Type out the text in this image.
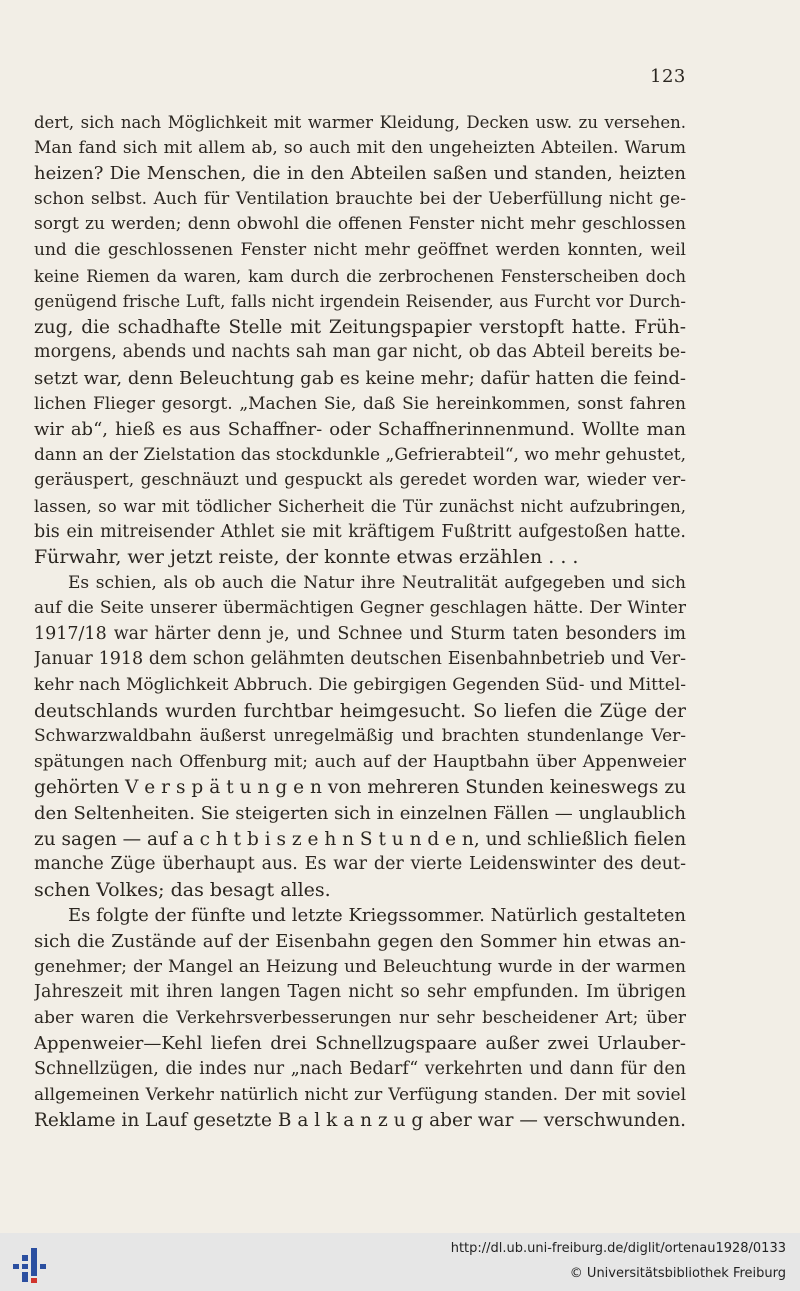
123
dert, sich nach Möglichkeit mit warmer Kleidung, Decken usw. zu versehen.
Man fand sich mit allem ab, so auch mit den ungeheizten Abteilen. Warum
heizen? Die Menschen, die in den Abteilen saßen und standen, heizten
schon selbst. Auch für Ventilation brauchte bei der Ueberfüllung nicht ge-
sorgt zu werden; denn obwohl die offenen Fenster nicht mehr geschlossen
und die geschlossenen Fenster nicht mehr geöffnet werden konnten, weil
keine Riemen da waren, kam durch die zerbrochenen Fensterscheiben doch
genügend frische Luft, falls nicht irgendein Reisender, aus Furcht vor Durch-
zug, die schadhafte Stelle mit Zeitungspapier verstopft hatte. Früh-
morgens, abends und nachts sah man gar nicht, ob das Abteil bereits be-
setzt war, denn Beleuchtung gab es keine mehr; dafür hatten die feind-
lichen Flieger gesorgt. „Machen Sie, daß Sie hereinkommen, sonst fahren
wir ab“, hieß es aus Schaffner- oder Schaffnerinnenmund. Wollte man
dann an der Zielstation das stockdunkle „Gefrierabteil“, wo mehr gehustet,
geräuspert, geschnäuzt und gespuckt als geredet worden war, wieder ver-
lassen, so war mit tödlicher Sicherheit die Tür zunächst nicht aufzubringen,
bis ein mitreisender Athlet sie mit kräftigem Fußtritt aufgestoßen hatte.
Fürwahr, wer jetzt reiste, der konnte etwas erzählen . . .
Es schien, als ob auch die Natur ihre Neutralität aufgegeben und sich
auf die Seite unserer übermächtigen Gegner geschlagen hätte. Der Winter
1917/18 war härter denn je, und Schnee und Sturm taten besonders im
Januar 1918 dem schon gelähmten deutschen Eisenbahnbetrieb und Ver-
kehr nach Möglichkeit Abbruch. Die gebirgigen Gegenden Süd- und Mittel-
deutschlands wurden furchtbar heimgesucht. So liefen die Züge der
Schwarzwaldbahn äußerst unregelmäßig und brachten stundenlange Ver-
spätungen nach Offenburg mit; auch auf der Hauptbahn über Appenweier
gehörten V e r s p ä t u n g e n von mehreren Stunden keineswegs zu
den Seltenheiten. Sie steigerten sich in einzelnen Fällen — unglaublich
zu sagen — auf a c h t b i s z e h n S t u n d e n, und schließlich fielen
manche Züge überhaupt aus. Es war der vierte Leidenswinter des deut-
schen Volkes; das besagt alles.
Es folgte der fünfte und letzte Kriegssommer. Natürlich gestalteten
sich die Zustände auf der Eisenbahn gegen den Sommer hin etwas an-
genehmer; der Mangel an Heizung und Beleuchtung wurde in der warmen
Jahreszeit mit ihren langen Tagen nicht so sehr empfunden. Im übrigen
aber waren die Verkehrsverbesserungen nur sehr bescheidener Art; über
Appenweier—Kehl liefen drei Schnellzugspaare außer zwei Urlauber-
Schnellzügen, die indes nur „nach Bedarf“ verkehrten und dann für den
allgemeinen Verkehr natürlich nicht zur Verfügung standen. Der mit soviel
Reklame in Lauf gesetzte B a l k a n z u g aber war — verschwunden.
http://dl.ub.uni-freiburg.de/diglit/ortenau1928/0133
© Universitätsbibliothek Freiburg
